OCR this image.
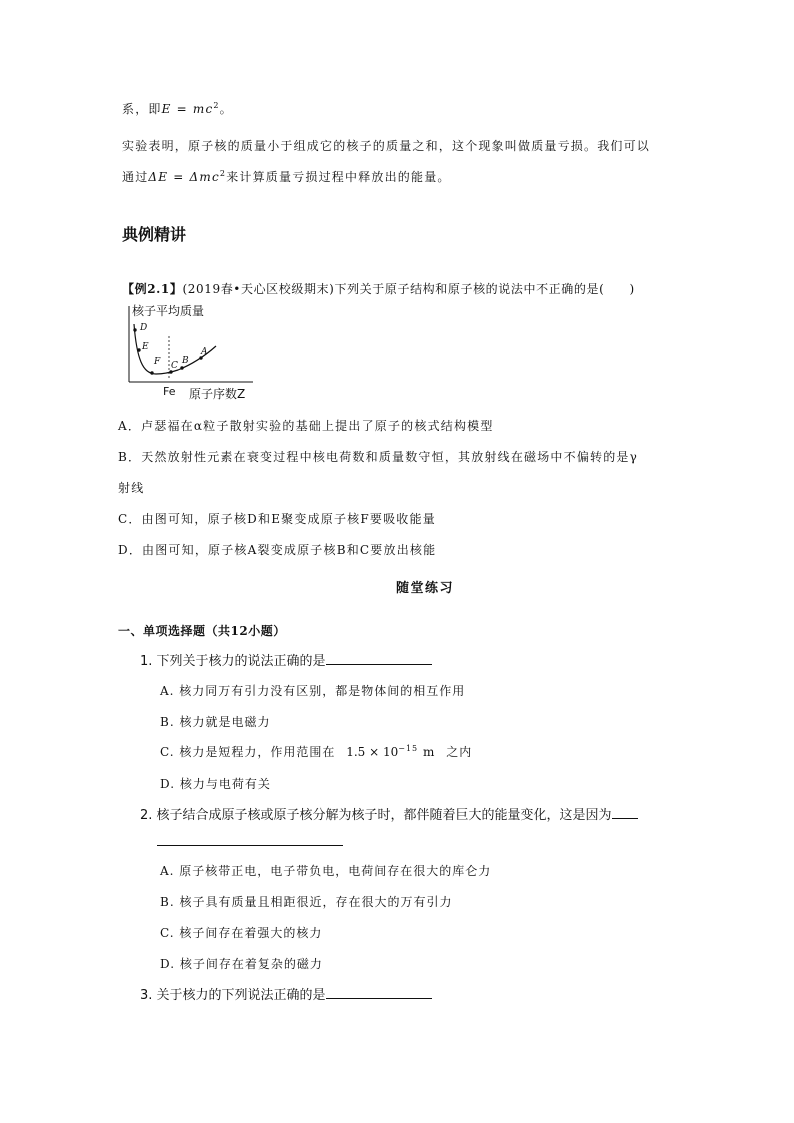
系，即$E = mc^2$。
实验表明，原子核的质量小于组成它的核子的质量之和，这个现象叫做质量亏损。我们可以
通过ΔE = Δmc$^2$来计算质量亏损过程中释放出的能量。
典例精讲
【例2.1】(2019春•天心区校级期末)下列关于原子结构和原子核的说法中不正确的是(　　)
核子平均质量
D
E
F C B
A
Fe 原子序数Z
A．卢瑟福在α粒子散射实验的基础上提出了原子的核式结构模型
B．天然放射性元素在衰变过程中核电荷数和质量数守恒，其放射线在磁场中不偏转的是γ
射线
C．由图可知，原子核D和E聚变成原子核F要吸收能量
D．由图可知，原子核A裂变成原子核B和C要放出核能
随堂练习
一、单项选择题（共12小题）
1. 下列关于核力的说法正确的是
A. 核力同万有引力没有区别，都是物体间的相互作用
B. 核力就是电磁力
C. 核力是短程力，作用范围在 $1.5 \times 10^{-15}$ m 之内
D. 核力与电荷有关
2. 核子结合成原子核或原子核分解为核子时，都伴随着巨大的能量变化，这是因为
A. 原子核带正电，电子带负电，电荷间存在很大的库仑力
B. 核子具有质量且相距很近，存在很大的万有引力
C. 核子间存在着强大的核力
D. 核子间存在着复杂的磁力
3. 关于核力的下列说法正确的是
